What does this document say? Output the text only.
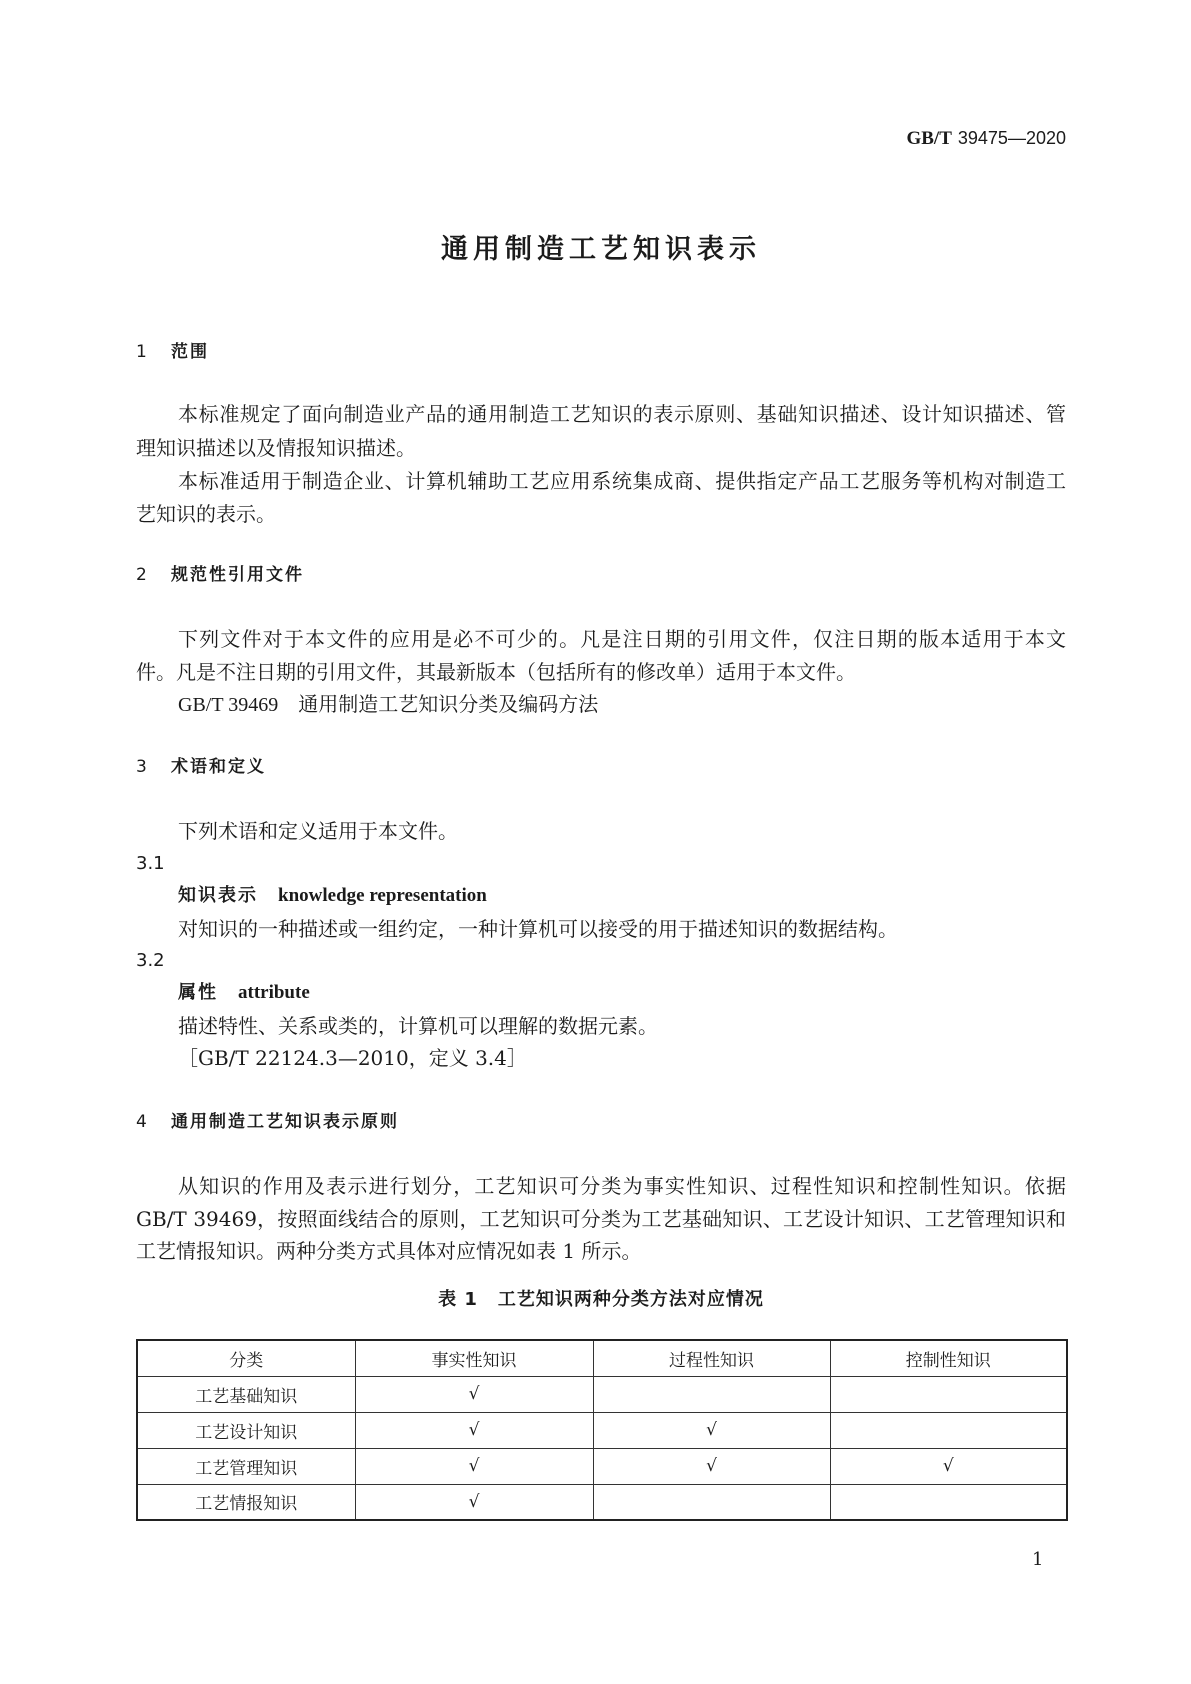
GB/T 39475—2020
通用制造工艺知识表示
1 范围
本标准规定了面向制造业产品的通用制造工艺知识的表示原则、基础知识描述、设计知识描述、管
理知识描述以及情报知识描述。
本标准适用于制造企业、计算机辅助工艺应用系统集成商、提供指定产品工艺服务等机构对制造工
艺知识的表示。
2 规范性引用文件
下列文件对于本文件的应用是必不可少的。凡是注日期的引用文件，仅注日期的版本适用于本文
件。凡是不注日期的引用文件，其最新版本（包括所有的修改单）适用于本文件。
GB/T 39469 通用制造工艺知识分类及编码方法
3 术语和定义
下列术语和定义适用于本文件。
3.1
知识表示 knowledge representation
对知识的一种描述或一组约定，一种计算机可以接受的用于描述知识的数据结构。
3.2
属性 attribute
描述特性、关系或类的，计算机可以理解的数据元素。
［GB/T 22124.3—2010，定义 3.4］
4 通用制造工艺知识表示原则
从知识的作用及表示进行划分，工艺知识可分类为事实性知识、过程性知识和控制性知识。依据
GB/T 39469，按照面线结合的原则，工艺知识可分类为工艺基础知识、工艺设计知识、工艺管理知识和
工艺情报知识。两种分类方式具体对应情况如表 1 所示。
表 1 工艺知识两种分类方法对应情况
分类	事实性知识	过程性知识	控制性知识
工艺基础知识	√		
工艺设计知识	√	√	
工艺管理知识	√	√	√
工艺情报知识	√		
1
